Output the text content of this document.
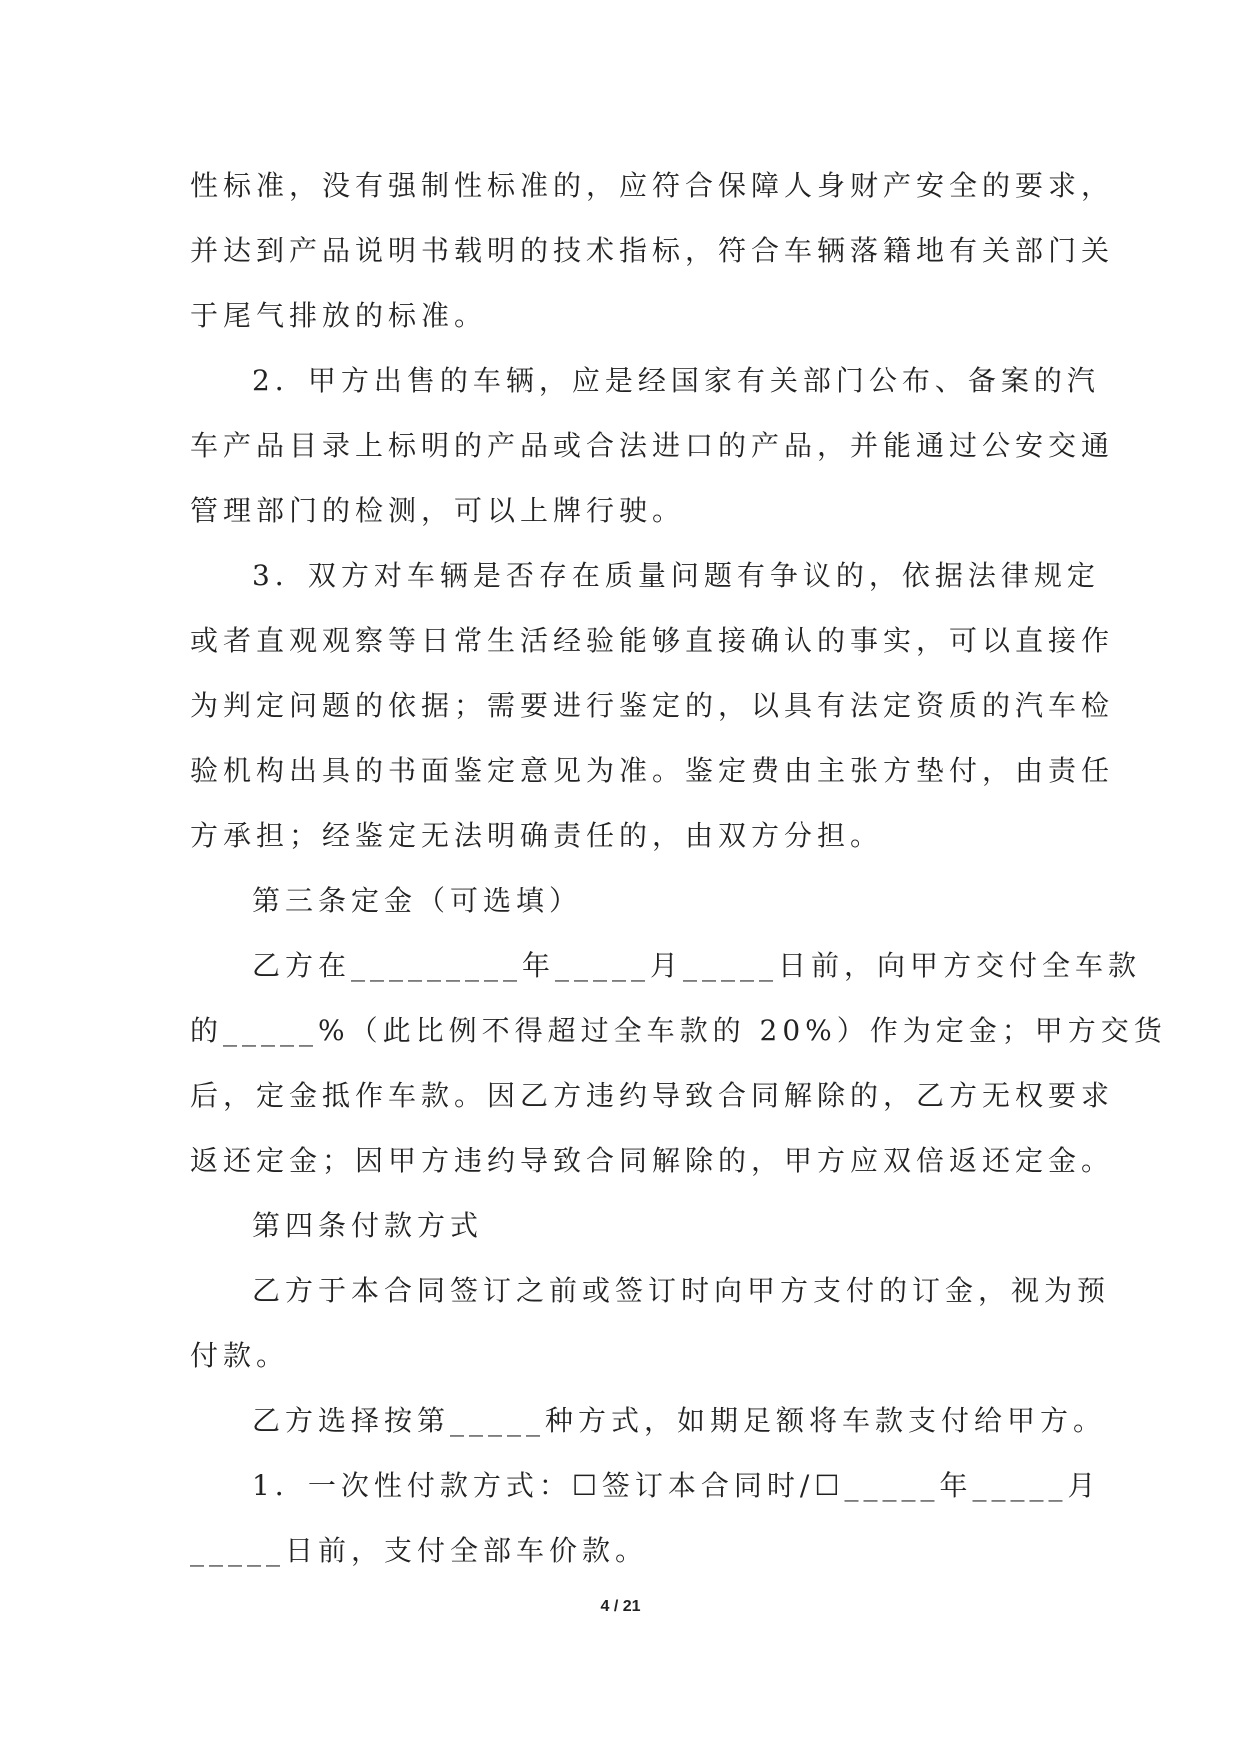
性标准，没有强制性标准的，应符合保障人身财产安全的要求，
并达到产品说明书载明的技术指标，符合车辆落籍地有关部门关
于尾气排放的标准。
2．甲方出售的车辆，应是经国家有关部门公布、备案的汽
车产品目录上标明的产品或合法进口的产品，并能通过公安交通
管理部门的检测，可以上牌行驶。
3．双方对车辆是否存在质量问题有争议的，依据法律规定
或者直观观察等日常生活经验能够直接确认的事实，可以直接作
为判定问题的依据；需要进行鉴定的，以具有法定资质的汽车检
验机构出具的书面鉴定意见为准。鉴定费由主张方垫付，由责任
方承担；经鉴定无法明确责任的，由双方分担。
第三条定金（可选填）
乙方在_________年_____月_____日前，向甲方交付全车款
的_____%（此比例不得超过全车款的 20%）作为定金；甲方交货
后，定金抵作车款。因乙方违约导致合同解除的，乙方无权要求
返还定金；因甲方违约导致合同解除的，甲方应双倍返还定金。
第四条付款方式
乙方于本合同签订之前或签订时向甲方支付的订金，视为预
付款。
乙方选择按第_____种方式，如期足额将车款支付给甲方。
1．一次性付款方式：☐签订本合同时/☐_____年_____月
_____日前，支付全部车价款。
4 / 21
